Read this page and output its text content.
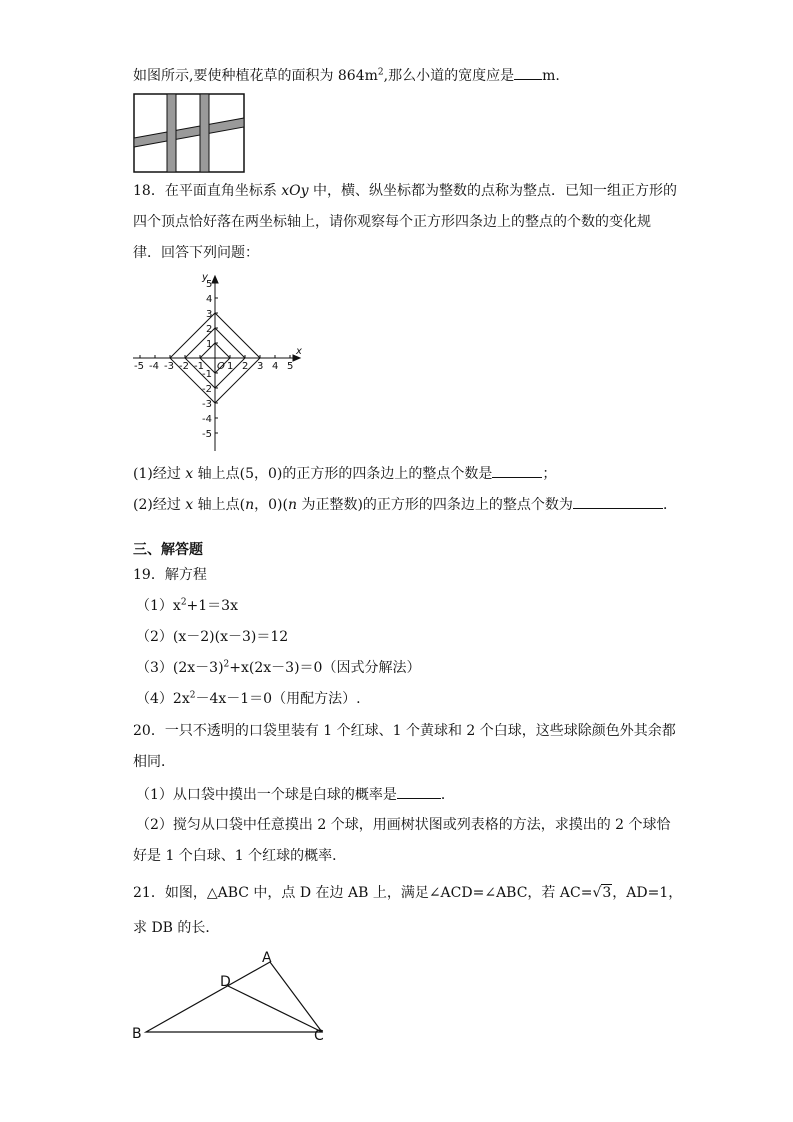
如图所示,要使种植花草的面积为 $864m^2$,那么小道的宽度应是 m.
18．在平面直角坐标系 xOy 中，横、纵坐标都为整数的点称为整点．已知一组正方形的
四个顶点恰好落在两坐标轴上，请你观察每个正方形四条边上的整点的个数的变化规
律．回答下列问题：
-5 -4 -3 -2 -1 1 2 3 4 5
5
4
3
2
1
-1
-2
-3
-4
-5
x
y
O
(1)经过 x 轴上点(5，0)的正方形的四条边上的整点个数是	；
(2)经过 x 轴上点(n，0)(n 为正整数)的正方形的四条边上的整点个数为	．
三、解答题
19．解方程
$(1)x^2+1=3x$
（2）(x－2)(x－3)＝12
$(3)(2x-3)^2+x(2x-3)=0$（因式分解法）
$(4)2x^2-4x-1=0$（用配方法）.
20．一只不透明的口袋里装有 1 个红球、1 个黄球和 2 个白球，这些球除颜色外其余都
相同．
（1）从口袋中摸出一个球是白球的概率是	．
（2）搅匀从口袋中任意摸出 2 个球，用画树状图或列表格的方法，求摸出的 2 个球恰
好是 1 个白球、1 个红球的概率．
21．如图，△ABC 中，点 D 在边 AB 上，满足∠ACD=∠ABC，若 AC=√3，AD=1，
求 DB 的长．
A
B	C
D
